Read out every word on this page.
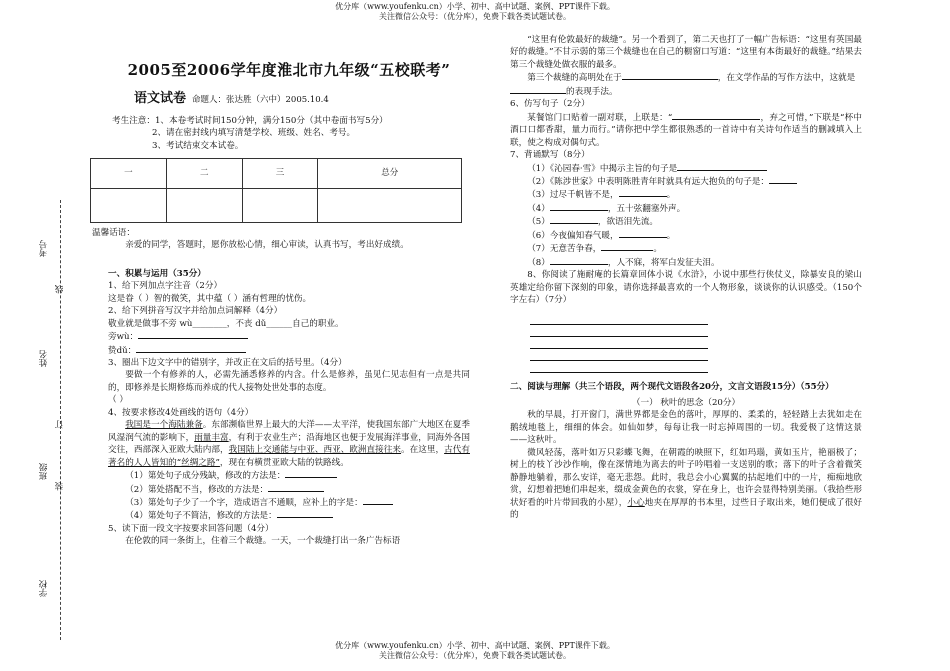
优分库（www.youfenku.cn）小学、初中、高中试题、案例、PPT课件下载。
关注微信公众号：（优分库），免费下载各类试题试卷。
优分库（www.youfenku.cn）小学、初中、高中试题、案例、PPT课件下载。
关注微信公众号：（优分库），免费下载各类试题试卷。
考号
线
姓名
订
班级
装
学校
2005至2006学年度淮北市九年级“五校联考”
语文试卷 命题人：张达胜（六中）2005.10.4

考生注意：1、本卷考试时间150分钟，满分150分（其中卷面书写5分）

2、请在密封线内填写清楚学校、班级、姓名、考号。

3、考试结束交本试卷。

一	二	三	总分

温馨话语：

亲爱的同学，答题时，愿你放松心情，细心审读，认真书写，考出好成绩。

一、积累与运用（35分）

1、给下列加点字注音（2分）

这是眷（ ）智的微笑，其中蕴（ ）涵有哲理的忧伤。

2、给下列拼音写汉字并给加点词解释（4分）

敬业就是做事不旁 wù________，不丧 dǔ______自己的职业。

旁wù：

贽dǔ：

3、圈出下边文字中的错别字，并改正在文后的括号里。（4分）

要做一个有修养的人，必需先涵悉修养的内含。什么是修养，虽见仁见志但有一点是共同的，即修养是长期修炼而养成的代人接物处世处事的态度。

（ ）

4、按要求修改4处画线的语句（4分）

我国是一个海陆兼备。东部濒临世界上最大的大洋——太平洋，使我国东部广大地区在夏季风湿润气流的影响下，雨量丰富，有利于农业生产；沿海地区也便于发展海洋事业，同海外各国交往，西部深入亚欧大陆内部，我国陆上交通能与中亚、西亚、欧洲直接往来。在这里，古代有著名的人人皆知的“丝绸之路”，现在有横贯亚欧大陆的铁路线。

（1）第处句子成分残缺，修改的方法是：

（2）第处搭配不当，修改的方法是：

（3）第处句子少了一个字，造成语言不通顺，应补上的字是：

（4）第处句子不简洁，修改的方法是：

5、读下面一段文字按要求回答问题（4分）

在伦敦的同一条街上，住着三个裁缝。一天，一个裁缝打出一条广告标语

“这里有伦敦最好的裁缝”。另一个看到了，第二天也打了一幅广告标语：“这里有英国最好的裁缝。”不甘示弱的第三个裁缝也在自己的橱窗口写道：“这里有本街最好的裁缝。”结果去第三个裁缝处做衣服的最多。

第三个裁缝的高明处在于	，在文学作品的写作方法中，这就是的表现手法。

6、仿写句子（2分）

某餐馆门口贴着一副对联，上联是：“	，弃之可惜，”下联是“杯中酒口口都香甜，量力而行。”请你把中学生都很熟悉的一首诗中有关诗句作适当的删减填入上联，使之构成对偶句式。

7、背诵默写（8分）

（1）《沁园春·雪》中揭示主旨的句子是

（2）《陈涉世家》中表明陈胜青年时就具有远大抱负的句子是：

（3）过尽千帆皆不是，	。

（4）	，五十弦翻塞外声。

（5）	，欲语泪先流。

（6）今夜偏知春气暖，	。

（7）无意苦争春，	。

（8）	，人不寐，将军白发征夫泪。

8、你阅读了施耐庵的长篇章回体小说《水浒》，小说中那些行侠仗义，除暴安良的梁山英雄定给你留下深刻的印象，请你选择最喜欢的一个人物形象，谈谈你的认识感受。（150个字左右）（7分）

二、阅读与理解（共三个语段，两个现代文语段各20分，文言文语段15分）（55分）

（一） 秋叶的思念（20分）

秋的早晨，打开窗门，满世界都是金色的落叶，厚厚的、柔柔的，轻轻踏上去犹如走在鹅绒地毯上，细细的体会。如仙如梦，每每让我一时忘掉周围的一切。我爱极了这情这景——这秋叶。

微风轻荡，落叶如万只彩蝶飞舞，在朝霞的映照下，红如玛瑙，黄如玉片，艳丽极了；树上的枝丫沙沙作响，像在深情地为离去的叶子吟唱着一支送别的歌；落下的叶子含着微笑静静地躺着，那么安详，毫无悲怨。此时，我总会小心翼翼的拈起地们中的一片，痴痴地欣赏，幻想着把她们串起来，缀成金黄色的衣裳，穿在身上，也许会显得特别美丽。（我拾些形状好看的叶片带回我的小屋），小心地夹在厚厚的书本里，过些日子取出来，她们便成了很好的
